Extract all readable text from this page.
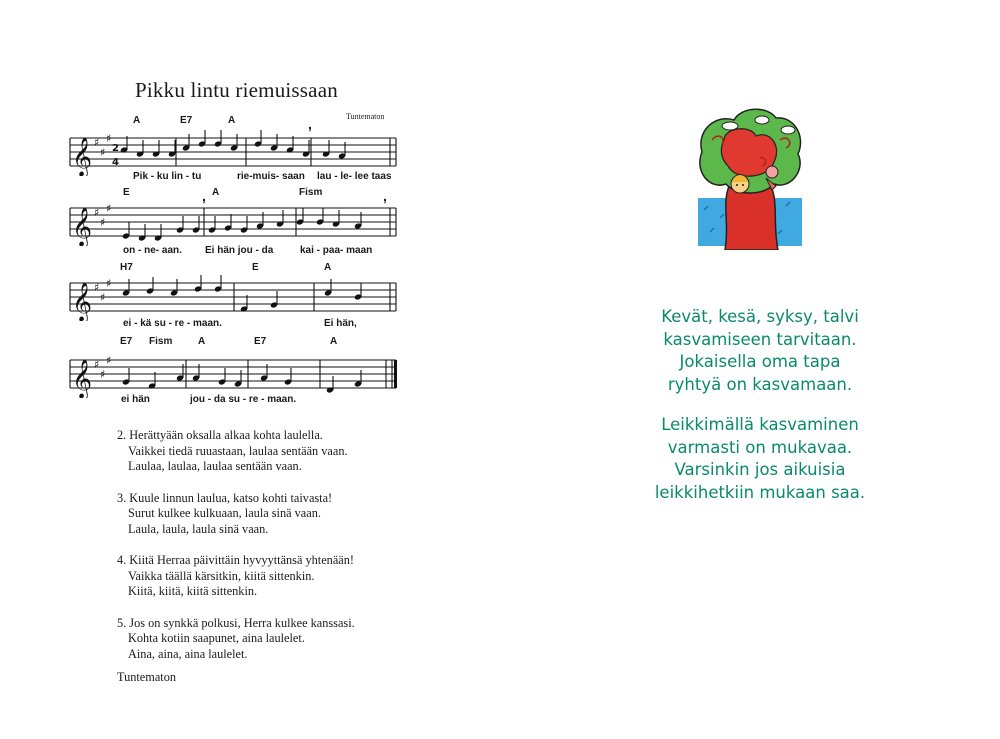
Pikku lintu riemuissaan
Tuntematon
A	E7	A	,
𝄞 ♯
♯
♯
2
4
Pik - ku lin - tu	rie-muis- saan lau - le- lee taas
E	, A	Fism	,
𝄞 ♯
♯
♯
on - ne- aan. Ei hän jou - da	kai - paa- maan
H7	E	A
𝄞 ♯
♯
♯
ei - kä su - re - maan.	Ei hän,
E7 Fism	A	E7	A
𝄞 ♯
♯
♯
ei hän	jou - da su - re - maan.
2. Herättyään oksalla alkaa kohta laulella.
Vaikkei tiedä ruuastaan, laulaa sentään vaan.
Laulaa, laulaa, laulaa sentään vaan.
3. Kuule linnun laulua, katso kohti taivasta!
Surut kulkee kulkuaan, laula sinä vaan.
Laula, laula, laula sinä vaan.
4. Kiitä Herraa päivittäin hyvyyttänsä yhtenään!
Vaikka täällä kärsitkin, kiitä sittenkin.
Kiitä, kiitä, kiitä sittenkin.
5. Jos on synkkä polkusi, Herra kulkee kanssasi.
Kohta kotiin saapunet, aina laulelet.
Aina, aina, aina laulelet.
Tuntematon
Kevät, kesä, syksy, talvi
kasvamiseen tarvitaan.
Jokaisella oma tapa
ryhtyä on kasvamaan.
Leikkimällä kasvaminen
varmasti on mukavaa.
Varsinkin jos aikuisia
leikkihetkiin mukaan saa.
